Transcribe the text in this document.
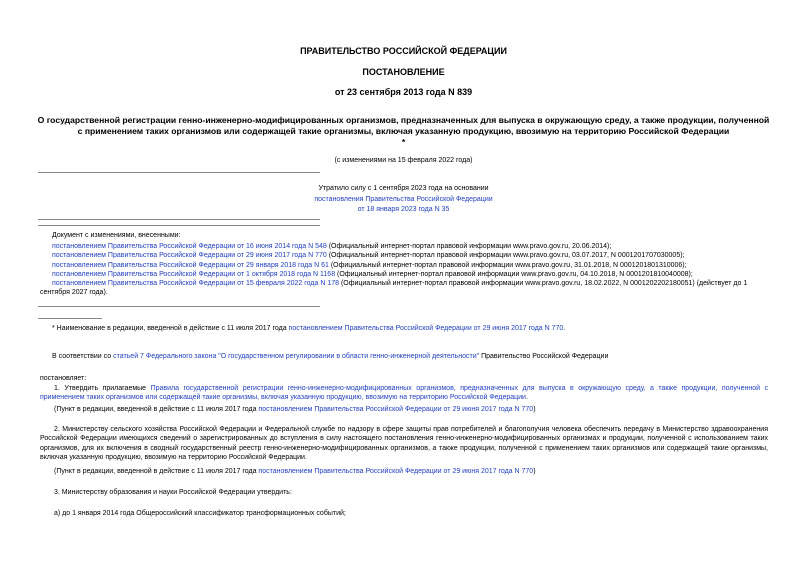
ПРАВИТЕЛЬСТВО РОССИЙСКОЙ ФЕДЕРАЦИИ
ПОСТАНОВЛЕНИЕ
от 23 сентября 2013 года N 839
О государственной регистрации генно-инженерно-модифицированных организмов, предназначенных для выпуска в окружающую среду, а также продукции, полученной с применением таких организмов или содержащей такие организмы, включая указанную продукцию, ввозимую на территорию Российской Федерации
*
(с изменениями на 15 февраля 2022 года)
Утратило силу с 1 сентября 2023 года на основании
постановления Правительства Российской Федерации
от 18 января 2023 года N 35
Документ с изменениями, внесенными:
постановлением Правительства Российской Федерации от 16 июня 2014 года N 548 (Официальный интернет-портал правовой информации www.pravo.gov.ru, 20.06.2014);
постановлением Правительства Российской Федерации от 29 июня 2017 года N 770 (Официальный интернет-портал правовой информации www.pravo.gov.ru, 03.07.2017, N 0001201707030005);
постановлением Правительства Российской Федерации от 29 января 2018 года N 61 (Официальный интернет-портал правовой информации www.pravo.gov.ru, 31.01.2018, N 0001201801310006);
постановлением Правительства Российской Федерации от 1 октября 2018 года N 1168 (Официальный интернет-портал правовой информации www.pravo.gov.ru, 04.10.2018, N 0001201810040008);
постановлением Правительства Российской Федерации от 15 февраля 2022 года N 178 (Официальный интернет-портал правовой информации www.pravo.gov.ru, 18.02.2022, N 0001202202180051) (действует до 1 сентября 2027 года).
* Наименование в редакции, введенной в действие с 11 июля 2017 года постановлением Правительства Российской Федерации от 29 июня 2017 года N 770.
В соответствии со статьей 7 Федерального закона "О государственном регулировании в области генно-инженерной деятельности" Правительство Российской Федерации
постановляет:
1. Утвердить прилагаемые Правила государственной регистрации генно-инженерно-модифицированных организмов, предназначенных для выпуска в окружающую среду, а также продукции, полученной с применением таких организмов или содержащей такие организмы, включая указанную продукцию, ввозимую на территорию Российской Федерации.
(Пункт в редакции, введенной в действие с 11 июля 2017 года постановлением Правительства Российской Федерации от 29 июня 2017 года N 770)
2. Министерству сельского хозяйства Российской Федерации и Федеральной службе по надзору в сфере защиты прав потребителей и благополучия человека обеспечить передачу в Министерство здравоохранения Российской Федерации имеющихся сведений о зарегистрированных до вступления в силу настоящего постановления генно-инженерно-модифицированных организмах и продукции, полученной с использованием таких организмов, для их включения в сводный государственный реестр генно-инженерно-модифицированных организмов, а также продукции, полученной с применением таких организмов или содержащей такие организмы, включая указанную продукцию, ввозимую на территорию Российской Федерации.
(Пункт в редакции, введенной в действие с 11 июля 2017 года постановлением Правительства Российской Федерации от 29 июня 2017 года N 770)
3. Министерству образования и науки Российской Федерации утвердить:
а) до 1 января 2014 года Общероссийский классификатор трансформационных событий;
